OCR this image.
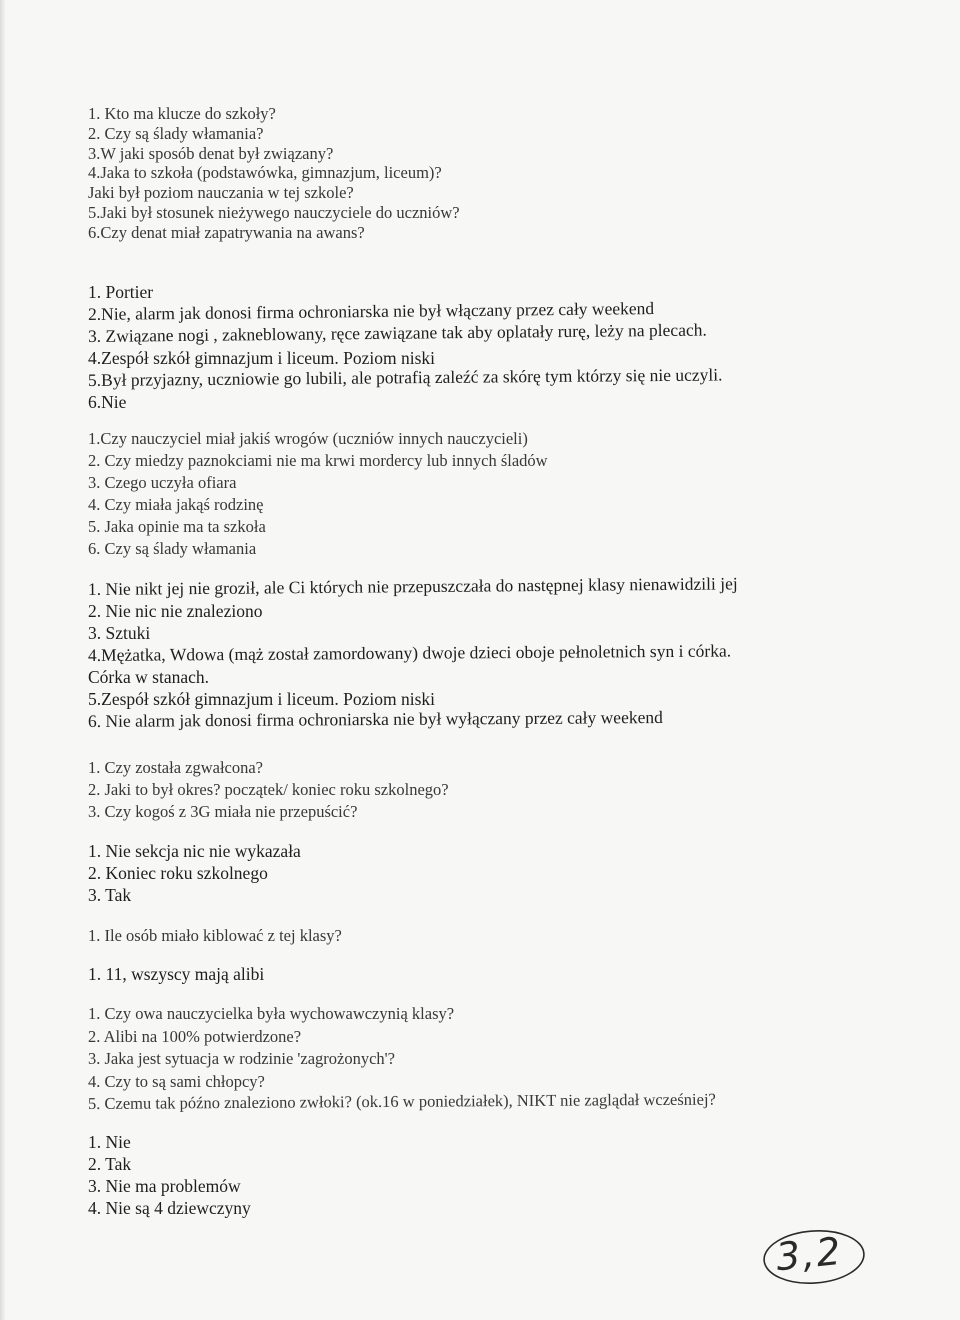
1. Kto ma klucze do szkoły?
2. Czy są ślady włamania?
3.W jaki sposób denat był związany?
4.Jaka to szkoła (podstawówka, gimnazjum, liceum)?
Jaki był poziom nauczania w tej szkole?
5.Jaki był stosunek nieżywego nauczyciele do uczniów?
6.Czy denat miał zapatrywania na awans?
1. Portier
2.Nie, alarm jak donosi firma ochroniarska nie był włączany przez cały weekend
3. Związane nogi , zakneblowany, ręce zawiązane tak aby oplatały rurę, leży na plecach.
4.Zespół szkół gimnazjum i liceum. Poziom niski
5.Był przyjazny, uczniowie go lubili, ale potrafią zaleźć za skórę tym którzy się nie uczyli.
6.Nie
1.Czy nauczyciel miał jakiś wrogów (uczniów innych nauczycieli)
2. Czy miedzy paznokciami nie ma krwi mordercy lub innych śladów
3. Czego uczyła ofiara
4. Czy miała jakąś rodzinę
5. Jaka opinie ma ta szkoła
6. Czy są ślady włamania
1. Nie nikt jej nie groził, ale Ci których nie przepuszczała do następnej klasy nienawidzili jej
2. Nie nic nie znaleziono
3. Sztuki
4.Mężatka, Wdowa (mąż został zamordowany) dwoje dzieci oboje pełnoletnich syn i córka.
Córka w stanach.
5.Zespół szkół gimnazjum i liceum. Poziom niski
6. Nie alarm jak donosi firma ochroniarska nie był wyłączany przez cały weekend
1. Czy została zgwałcona?
2. Jaki to był okres? początek/ koniec roku szkolnego?
3. Czy kogoś z 3G miała nie przepuścić?
1. Nie sekcja nic nie wykazała
2. Koniec roku szkolnego
3. Tak
1. Ile osób miało kiblować z tej klasy?
1. 11, wszyscy mają alibi
1. Czy owa nauczycielka była wychowawczynią klasy?
2. Alibi na 100% potwierdzone?
3. Jaka jest sytuacja w rodzinie 'zagrożonych'?
4. Czy to są sami chłopcy?
5. Czemu tak późno znaleziono zwłoki? (ok.16 w poniedziałek), NIKT nie zaglądał wcześniej?
1. Nie
2. Tak
3. Nie ma problemów
4. Nie są 4 dziewczyny
3,2
